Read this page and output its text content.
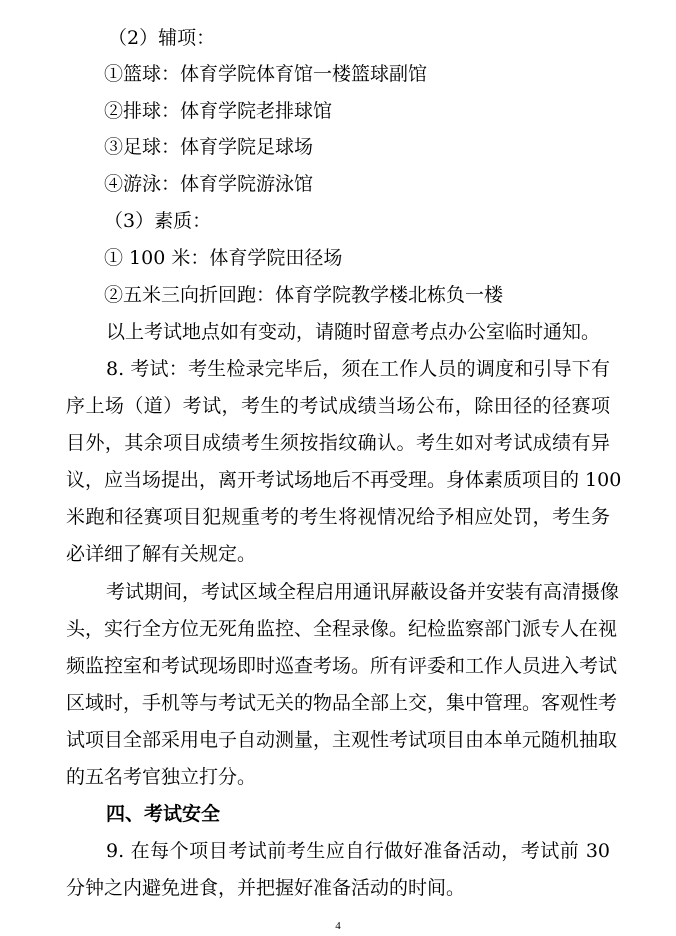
（2）辅项：
①篮球：体育学院体育馆一楼篮球副馆
②排球：体育学院老排球馆
③足球：体育学院足球场
④游泳：体育学院游泳馆
（3）素质：
① 100 米：体育学院田径场
②五米三向折回跑：体育学院教学楼北栋负一楼
以上考试地点如有变动，请随时留意考点办公室临时通知。
8. 考试：考生检录完毕后，须在工作人员的调度和引导下有
序上场（道）考试，考生的考试成绩当场公布，除田径的径赛项
目外，其余项目成绩考生须按指纹确认。考生如对考试成绩有异
议，应当场提出，离开考试场地后不再受理。身体素质项目的 100
米跑和径赛项目犯规重考的考生将视情况给予相应处罚，考生务
必详细了解有关规定。
考试期间，考试区域全程启用通讯屏蔽设备并安装有高清摄像
头，实行全方位无死角监控、全程录像。纪检监察部门派专人在视
频监控室和考试现场即时巡查考场。所有评委和工作人员进入考试
区域时，手机等与考试无关的物品全部上交，集中管理。客观性考
试项目全部采用电子自动测量，主观性考试项目由本单元随机抽取
的五名考官独立打分。
四、考试安全
9. 在每个项目考试前考生应自行做好准备活动，考试前 30
分钟之内避免进食，并把握好准备活动的时间。
4
